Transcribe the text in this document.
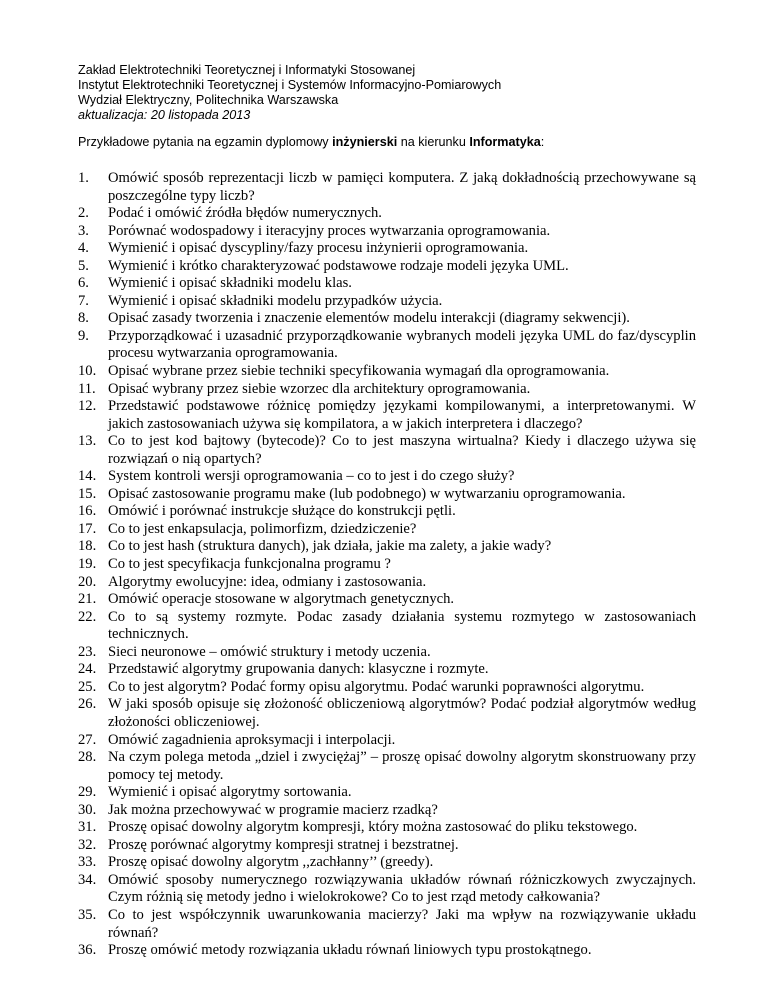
Zakład Elektrotechniki Teoretycznej i Informatyki Stosowanej
Instytut Elektrotechniki Teoretycznej i Systemów Informacyjno-Pomiarowych
Wydział Elektryczny, Politechnika Warszawska
aktualizacja: 20 listopada 2013
Przykładowe pytania na egzamin dyplomowy inżynierski na kierunku Informatyka:
1.	Omówić sposób reprezentacji liczb w pamięci komputera. Z jaką dokładnością przechowywane są poszczególne typy liczb?
2.	Podać i omówić źródła błędów numerycznych.
3.	Porównać wodospadowy i iteracyjny proces wytwarzania oprogramowania.
4.	Wymienić i opisać dyscypliny/fazy procesu inżynierii oprogramowania.
5.	Wymienić i krótko charakteryzować podstawowe rodzaje modeli języka UML.
6.	Wymienić i opisać składniki modelu klas.
7.	Wymienić i opisać składniki modelu przypadków użycia.
8.	Opisać zasady tworzenia i znaczenie elementów modelu interakcji (diagramy sekwencji).
9.	Przyporządkować i uzasadnić przyporządkowanie wybranych modeli języka UML do faz/dyscyplin procesu wytwarzania oprogramowania.
10. Opisać wybrane przez siebie techniki specyfikowania wymagań dla oprogramowania.
11. Opisać wybrany przez siebie wzorzec dla architektury oprogramowania.
12. Przedstawić podstawowe różnicę pomiędzy językami kompilowanymi, a interpretowanymi. W jakich zastosowaniach używa się kompilatora, a w jakich interpretera i dlaczego?
13. Co to jest kod bajtowy (bytecode)? Co to jest maszyna wirtualna? Kiedy i dlaczego używa się rozwiązań o nią opartych?
14. System kontroli wersji oprogramowania – co to jest i do czego służy?
15. Opisać zastosowanie programu make (lub podobnego) w wytwarzaniu oprogramowania.
16. Omówić i porównać instrukcje służące do konstrukcji pętli.
17. Co to jest enkapsulacja, polimorfizm, dziedziczenie?
18. Co to jest hash (struktura danych), jak działa, jakie ma zalety, a jakie wady?
19. Co to jest specyfikacja funkcjonalna programu ?
20. Algorytmy ewolucyjne: idea, odmiany i zastosowania.
21. Omówić operacje stosowane w algorytmach genetycznych.
22. Co to są systemy rozmyte. Podac zasady działania systemu rozmytego w zastosowaniach technicznych.
23. Sieci neuronowe – omówić struktury i metody uczenia.
24. Przedstawić algorytmy grupowania danych: klasyczne i rozmyte.
25. Co to jest algorytm? Podać formy opisu algorytmu. Podać warunki poprawności algorytmu.
26. W jaki sposób opisuje się złożoność obliczeniową algorytmów? Podać podział algorytmów według złożoności obliczeniowej.
27. Omówić zagadnienia aproksymacji i interpolacji.
28. Na czym polega metoda „dziel i zwyciężaj” – proszę opisać dowolny algorytm skonstruowany przy pomocy tej metody.
29. Wymienić i opisać algorytmy sortowania.
30. Jak można przechowywać w programie macierz rzadką?
31. Proszę opisać dowolny algorytm kompresji, który można zastosować do pliku tekstowego.
32. Proszę porównać algorytmy kompresji stratnej i bezstratnej.
33. Proszę opisać dowolny algorytm ,,zachłanny’’ (greedy).
34. Omówić sposoby numerycznego rozwiązywania układów równań różniczkowych zwyczajnych. Czym różnią się metody jedno i wielokrokowe? Co to jest rząd metody całkowania?
35. Co to jest współczynnik uwarunkowania macierzy? Jaki ma wpływ na rozwiązywanie układu równań?
36. Proszę omówić metody rozwiązania układu równań liniowych typu prostokątnego.
